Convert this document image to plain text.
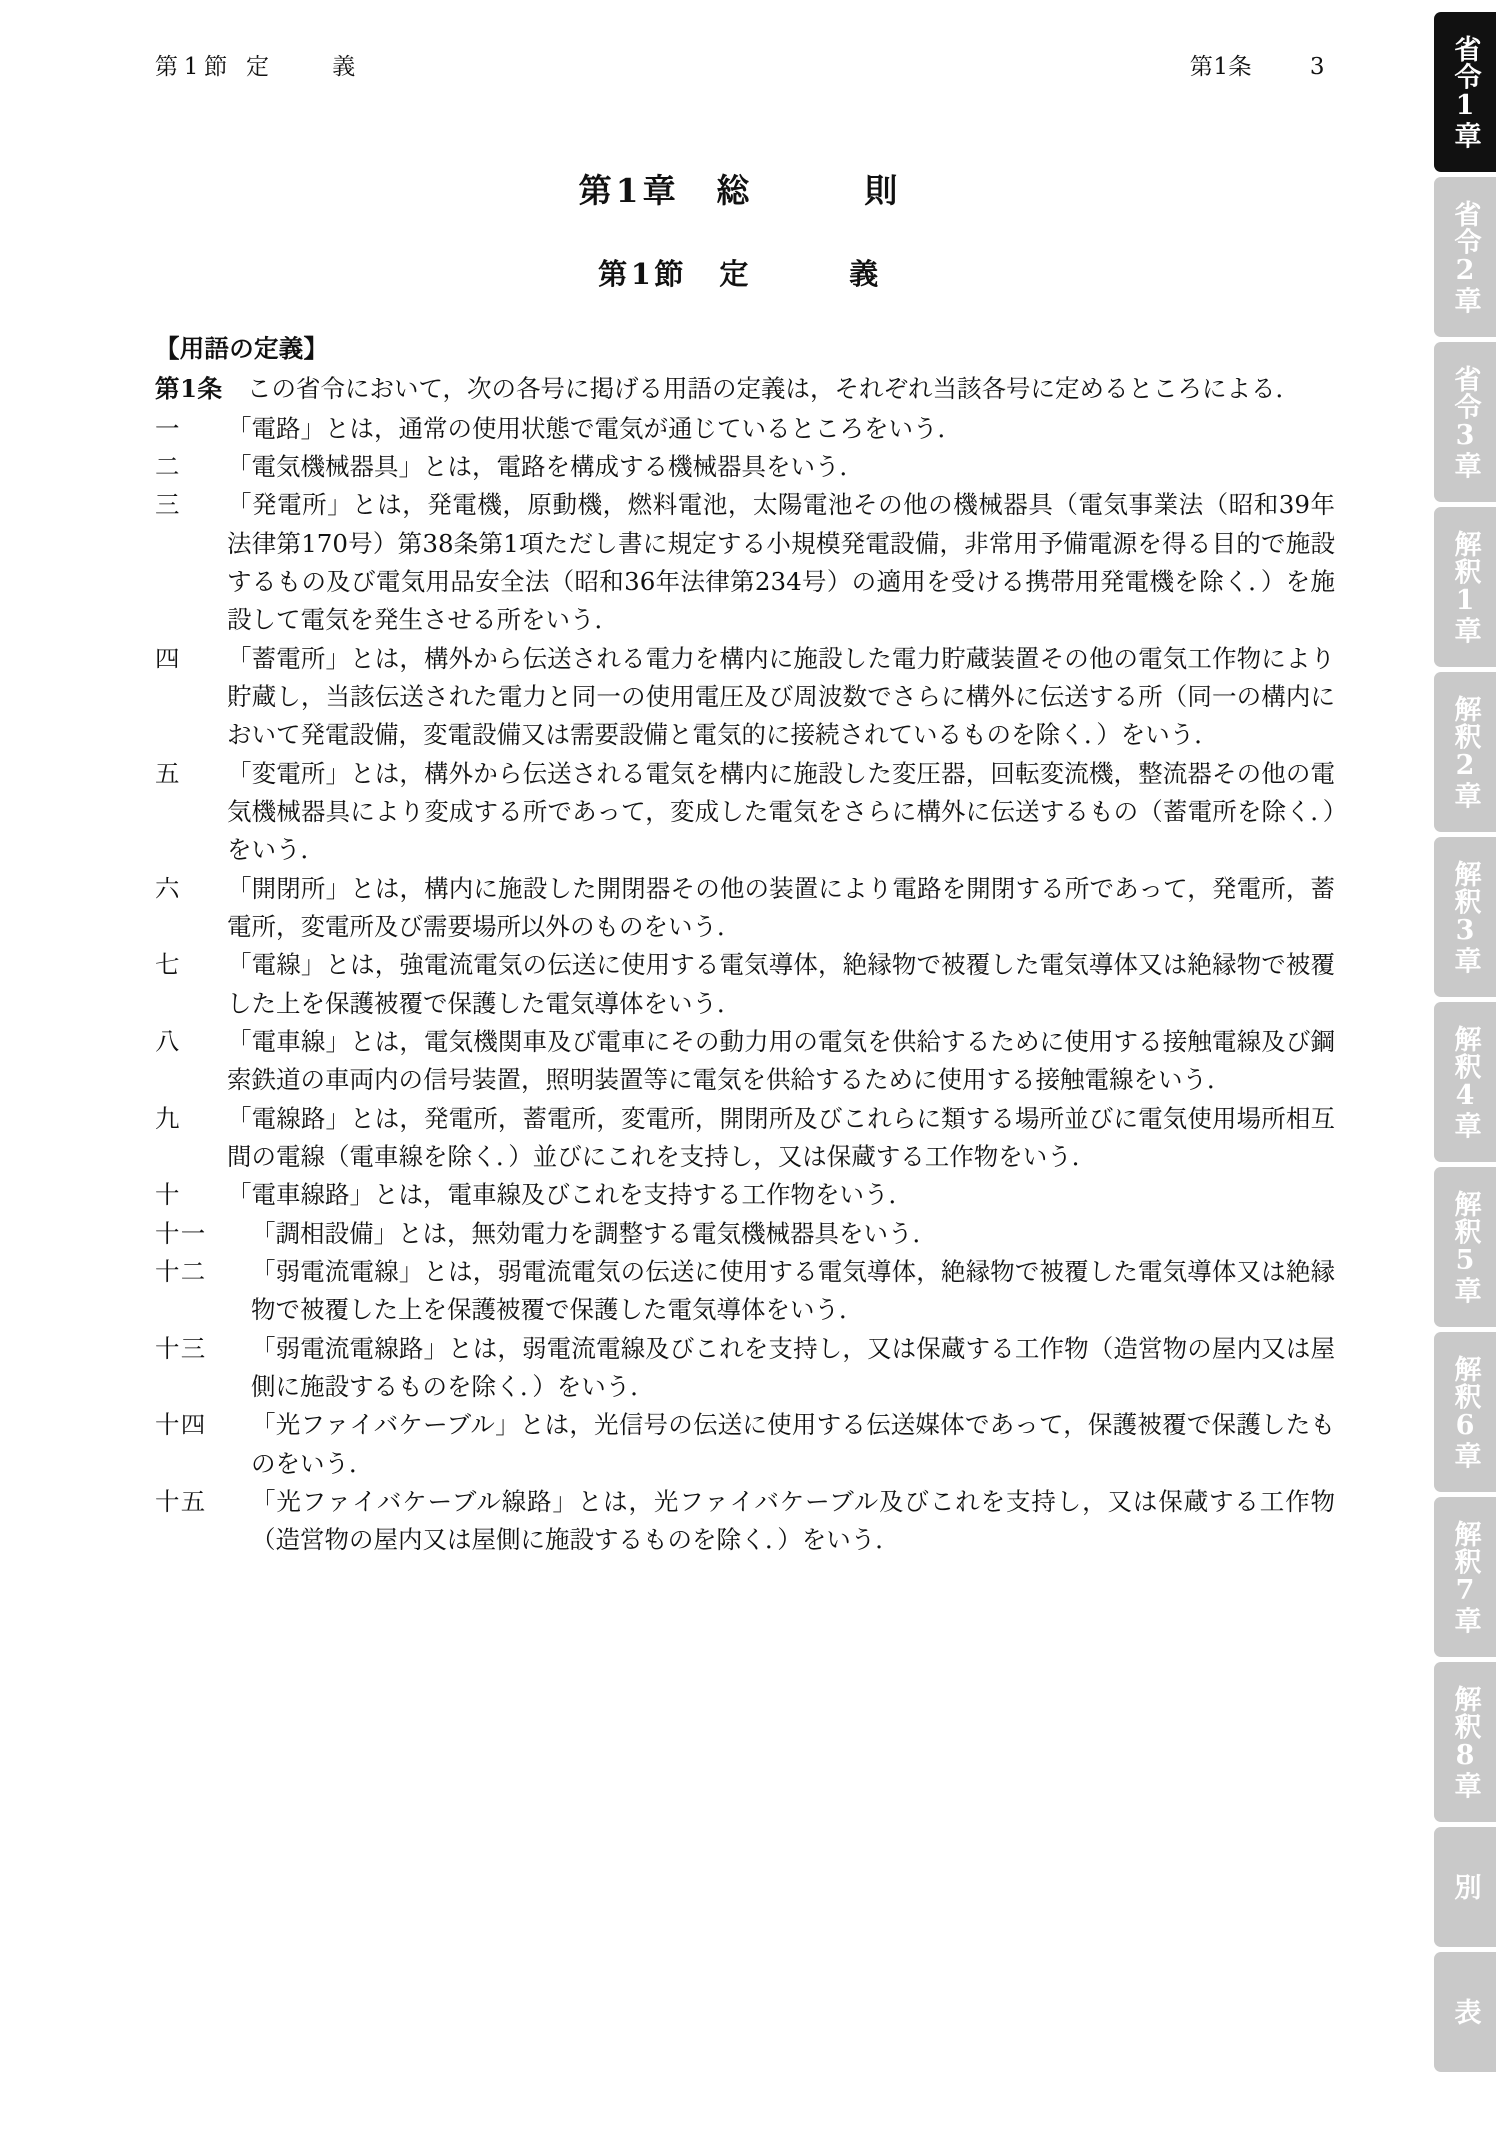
第1節 定　　義	第1条	3
第1章　総　　　則
第1節　定　　　義
【用語の定義】
第1条　この省令において，次の各号に掲げる用語の定義は，それぞれ当該各号に定めるところによる．
一	「電路」とは，通常の使用状態で電気が通じているところをいう．
二	「電気機械器具」とは，電路を構成する機械器具をいう．
三	「発電所」とは，発電機，原動機，燃料電池，太陽電池その他の機械器具（電気事業法（昭和39年法律第170号）第38条第1項ただし書に規定する小規模発電設備，非常用予備電源を得る目的で施設するもの及び電気用品安全法（昭和36年法律第234号）の適用を受ける携帯用発電機を除く．）を施設して電気を発生させる所をいう．
四	「蓄電所」とは，構外から伝送される電力を構内に施設した電力貯蔵装置その他の電気工作物により貯蔵し，当該伝送された電力と同一の使用電圧及び周波数でさらに構外に伝送する所（同一の構内において発電設備，変電設備又は需要設備と電気的に接続されているものを除く．）をいう．
五	「変電所」とは，構外から伝送される電気を構内に施設した変圧器，回転変流機，整流器その他の電気機械器具により変成する所であって，変成した電気をさらに構外に伝送するもの（蓄電所を除く．）をいう．
六	「開閉所」とは，構内に施設した開閉器その他の装置により電路を開閉する所であって，発電所，蓄電所，変電所及び需要場所以外のものをいう．
七	「電線」とは，強電流電気の伝送に使用する電気導体，絶縁物で被覆した電気導体又は絶縁物で被覆した上を保護被覆で保護した電気導体をいう．
八	「電車線」とは，電気機関車及び電車にその動力用の電気を供給するために使用する接触電線及び鋼索鉄道の車両内の信号装置，照明装置等に電気を供給するために使用する接触電線をいう．
九	「電線路」とは，発電所，蓄電所，変電所，開閉所及びこれらに類する場所並びに電気使用場所相互間の電線（電車線を除く．）並びにこれを支持し，又は保蔵する工作物をいう．
十	「電車線路」とは，電車線及びこれを支持する工作物をいう．
十一	「調相設備」とは，無効電力を調整する電気機械器具をいう．
十二	「弱電流電線」とは，弱電流電気の伝送に使用する電気導体，絶縁物で被覆した電気導体又は絶縁物で被覆した上を保護被覆で保護した電気導体をいう．
十三	「弱電流電線路」とは，弱電流電線及びこれを支持し，又は保蔵する工作物（造営物の屋内又は屋側に施設するものを除く．）をいう．
十四	「光ファイバケーブル」とは，光信号の伝送に使用する伝送媒体であって，保護被覆で保護したものをいう．
十五	「光ファイバケーブル線路」とは，光ファイバケーブル及びこれを支持し，又は保蔵する工作物（造営物の屋内又は屋側に施設するものを除く．）をいう．
省令1章
省令2章
省令3章
解釈1章
解釈2章
解釈3章
解釈4章
解釈5章
解釈6章
解釈7章
解釈8章
別
表
